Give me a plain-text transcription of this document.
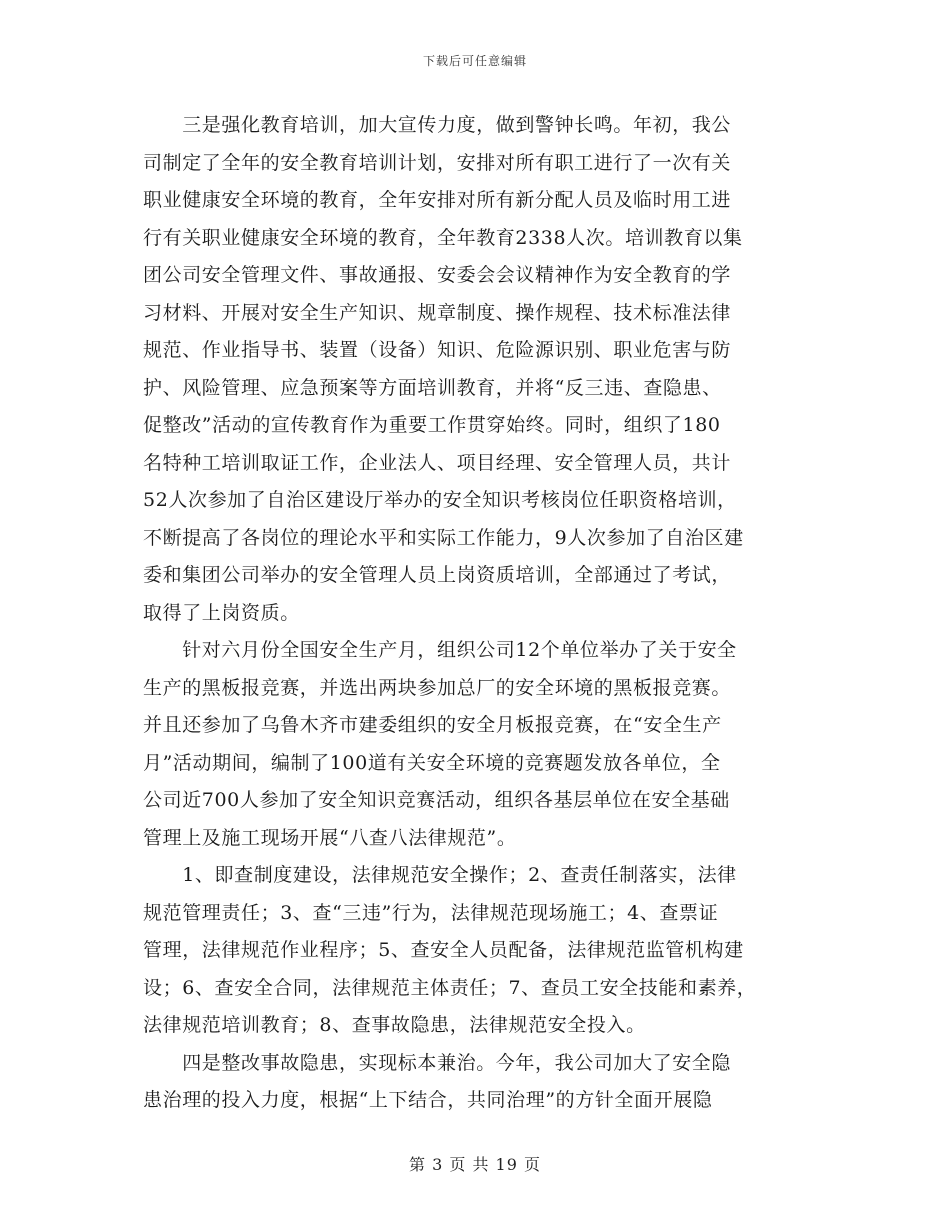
下载后可任意编辑
　　三是强化教育培训，加大宣传力度，做到警钟长鸣。年初，我公
司制定了全年的安全教育培训计划，安排对所有职工进行了一次有关
职业健康安全环境的教育，全年安排对所有新分配人员及临时用工进
行有关职业健康安全环境的教育，全年教育2338人次。培训教育以集
团公司安全管理文件、事故通报、安委会会议精神作为安全教育的学
习材料、开展对安全生产知识、规章制度、操作规程、技术标准法律
规范、作业指导书、装置（设备）知识、危险源识别、职业危害与防
护、风险管理、应急预案等方面培训教育，并将“反三违、查隐患、
促整改”活动的宣传教育作为重要工作贯穿始终。同时，组织了180
名特种工培训取证工作，企业法人、项目经理、安全管理人员，共计
52人次参加了自治区建设厅举办的安全知识考核岗位任职资格培训，
不断提高了各岗位的理论水平和实际工作能力，9人次参加了自治区建
委和集团公司举办的安全管理人员上岗资质培训，全部通过了考试，
取得了上岗资质。
　　针对六月份全国安全生产月，组织公司12个单位举办了关于安全
生产的黑板报竞赛，并选出两块参加总厂的安全环境的黑板报竞赛。
并且还参加了乌鲁木齐市建委组织的安全月板报竞赛，在“安全生产
月”活动期间，编制了100道有关安全环境的竞赛题发放各单位，全
公司近700人参加了安全知识竞赛活动，组织各基层单位在安全基础
管理上及施工现场开展“八查八法律规范”。
　　1、即查制度建设，法律规范安全操作；2、查责任制落实，法律
规范管理责任；3、查“三违”行为，法律规范现场施工；4、查票证
管理，法律规范作业程序；5、查安全人员配备，法律规范监管机构建
设；6、查安全合同，法律规范主体责任；7、查员工安全技能和素养，
法律规范培训教育；8、查事故隐患，法律规范安全投入。
　　四是整改事故隐患，实现标本兼治。今年，我公司加大了安全隐
患治理的投入力度，根据“上下结合，共同治理”的方针全面开展隐
第 3 页 共 19 页
